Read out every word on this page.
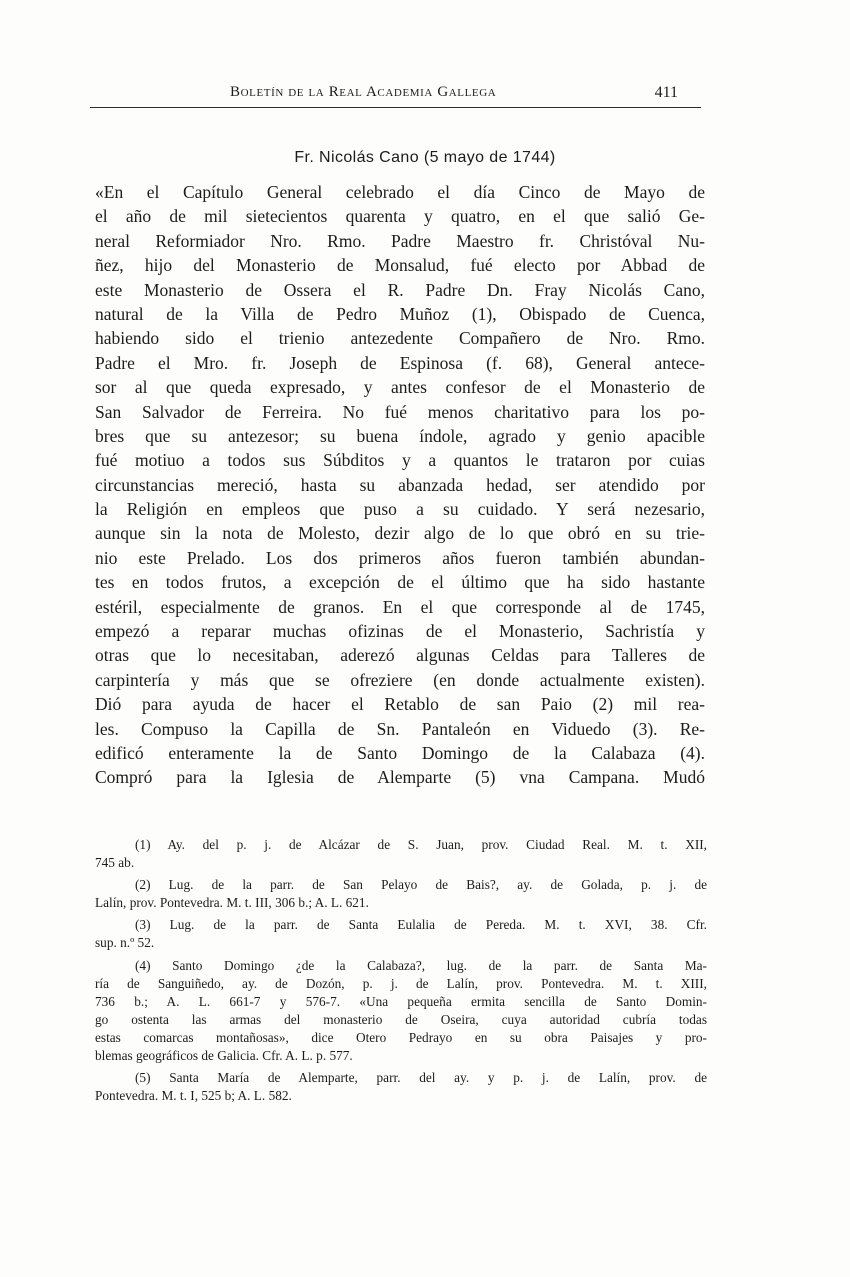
Boletín de la Real Academia Gallega	411
Fr. Nicolás Cano (5 mayo de 1744)
«En el Capítulo General celebrado el día Cinco de Mayo de
el año de mil sietecientos quarenta y quatro, en el que salió Ge-
neral Reformiador Nro. Rmo. Padre Maestro fr. Christóval Nu-
ñez, hijo del Monasterio de Monsalud, fué electo por Abbad de
este Monasterio de Ossera el R. Padre Dn. Fray Nicolás Cano,
natural de la Villa de Pedro Muñoz (1), Obispado de Cuenca,
habiendo sido el trienio antezedente Compañero de Nro. Rmo.
Padre el Mro. fr. Joseph de Espinosa (f. 68), General antece-
sor al que queda expresado, y antes confesor de el Monasterio de
San Salvador de Ferreira. No fué menos charitativo para los po-
bres que su antezesor; su buena índole, agrado y genio apacible
fué motiuo a todos sus Súbditos y a quantos le trataron por cuias
circunstancias mereció, hasta su abanzada hedad, ser atendido por
la Religión en empleos que puso a su cuidado. Y será nezesario,
aunque sin la nota de Molesto, dezir algo de lo que obró en su trie-
nio este Prelado. Los dos primeros años fueron también abundan-
tes en todos frutos, a excepción de el último que ha sido hastante
estéril, especialmente de granos. En el que corresponde al de 1745,
empezó a reparar muchas ofizinas de el Monasterio, Sachristía y
otras que lo necesitaban, aderezó algunas Celdas para Talleres de
carpintería y más que se ofreziere (en donde actualmente existen).
Dió para ayuda de hacer el Retablo de san Paio (2) mil rea-
les. Compuso la Capilla de Sn. Pantaleón en Viduedo (3). Re-
edificó enteramente la de Santo Domingo de la Calabaza (4).
Compró para la Iglesia de Alemparte (5) vna Campana. Mudó
(1) Ay. del p. j. de Alcázar de S. Juan, prov. Ciudad Real. M. t. XII,
745 ab.
(2) Lug. de la parr. de San Pelayo de Bais?, ay. de Golada, p. j. de
Lalín, prov. Pontevedra. M. t. III, 306 b.; A. L. 621.
(3) Lug. de la parr. de Santa Eulalia de Pereda. M. t. XVI, 38. Cfr.
sup. n.º 52.
(4) Santo Domingo ¿de la Calabaza?, lug. de la parr. de Santa Ma-
ría de Sanguiñedo, ay. de Dozón, p. j. de Lalín, prov. Pontevedra. M. t. XIII,
736 b.; A. L. 661-7 y 576-7. «Una pequeña ermita sencilla de Santo Domin-
go ostenta las armas del monasterio de Oseira, cuya autoridad cubría todas
estas comarcas montañosas», dice Otero Pedrayo en su obra Paisajes y pro-
blemas geográficos de Galicia. Cfr. A. L. p. 577.
(5) Santa María de Alemparte, parr. del ay. y p. j. de Lalín, prov. de
Pontevedra. M. t. I, 525 b; A. L. 582.
